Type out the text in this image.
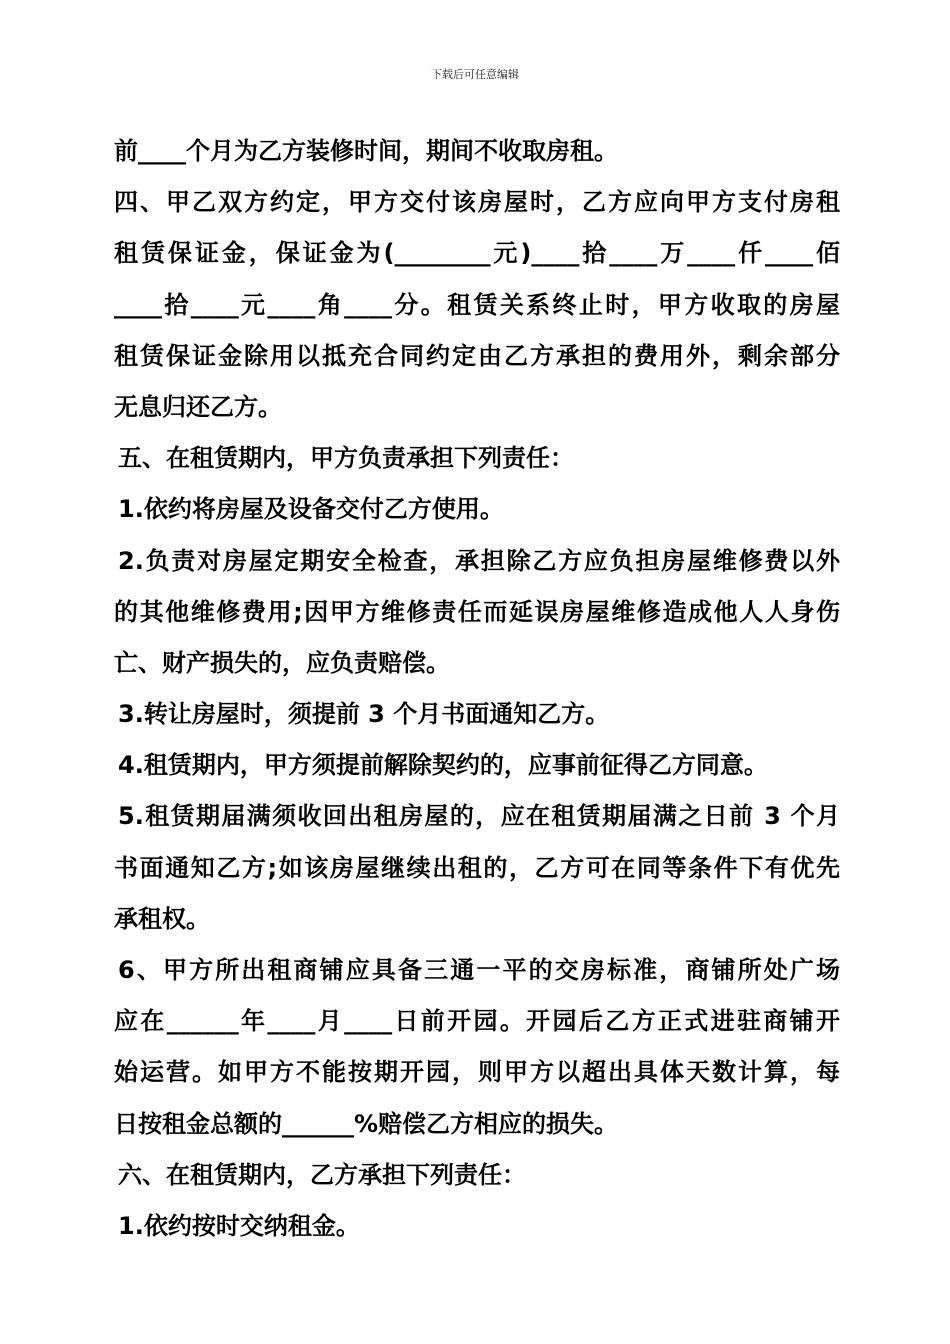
下载后可任意编辑
前____个月为乙方装修时间，期间不收取房租。
四、甲乙双方约定，甲方交付该房屋时，乙方应向甲方支付房租
租赁保证金，保证金为(________元)____拾____万____仟____佰
____拾____元____角____分。租赁关系终止时，甲方收取的房屋
租赁保证金除用以抵充合同约定由乙方承担的费用外，剩余部分
无息归还乙方。
五、在租赁期内，甲方负责承担下列责任：
1.依约将房屋及设备交付乙方使用。
2.负责对房屋定期安全检查，承担除乙方应负担房屋维修费以外
的其他维修费用;因甲方维修责任而延误房屋维修造成他人人身伤
亡、财产损失的，应负责赔偿。
3.转让房屋时，须提前 3 个月书面通知乙方。
4.租赁期内，甲方须提前解除契约的，应事前征得乙方同意。
5.租赁期届满须收回出租房屋的，应在租赁期届满之日前 3 个月
书面通知乙方;如该房屋继续出租的，乙方可在同等条件下有优先
承租权。
6、甲方所出租商铺应具备三通一平的交房标准，商铺所处广场
应在______年____月____日前开园。开园后乙方正式进驻商铺开
始运营。如甲方不能按期开园，则甲方以超出具体天数计算，每
日按租金总额的______%赔偿乙方相应的损失。
六、在租赁期内，乙方承担下列责任：
1.依约按时交纳租金。
